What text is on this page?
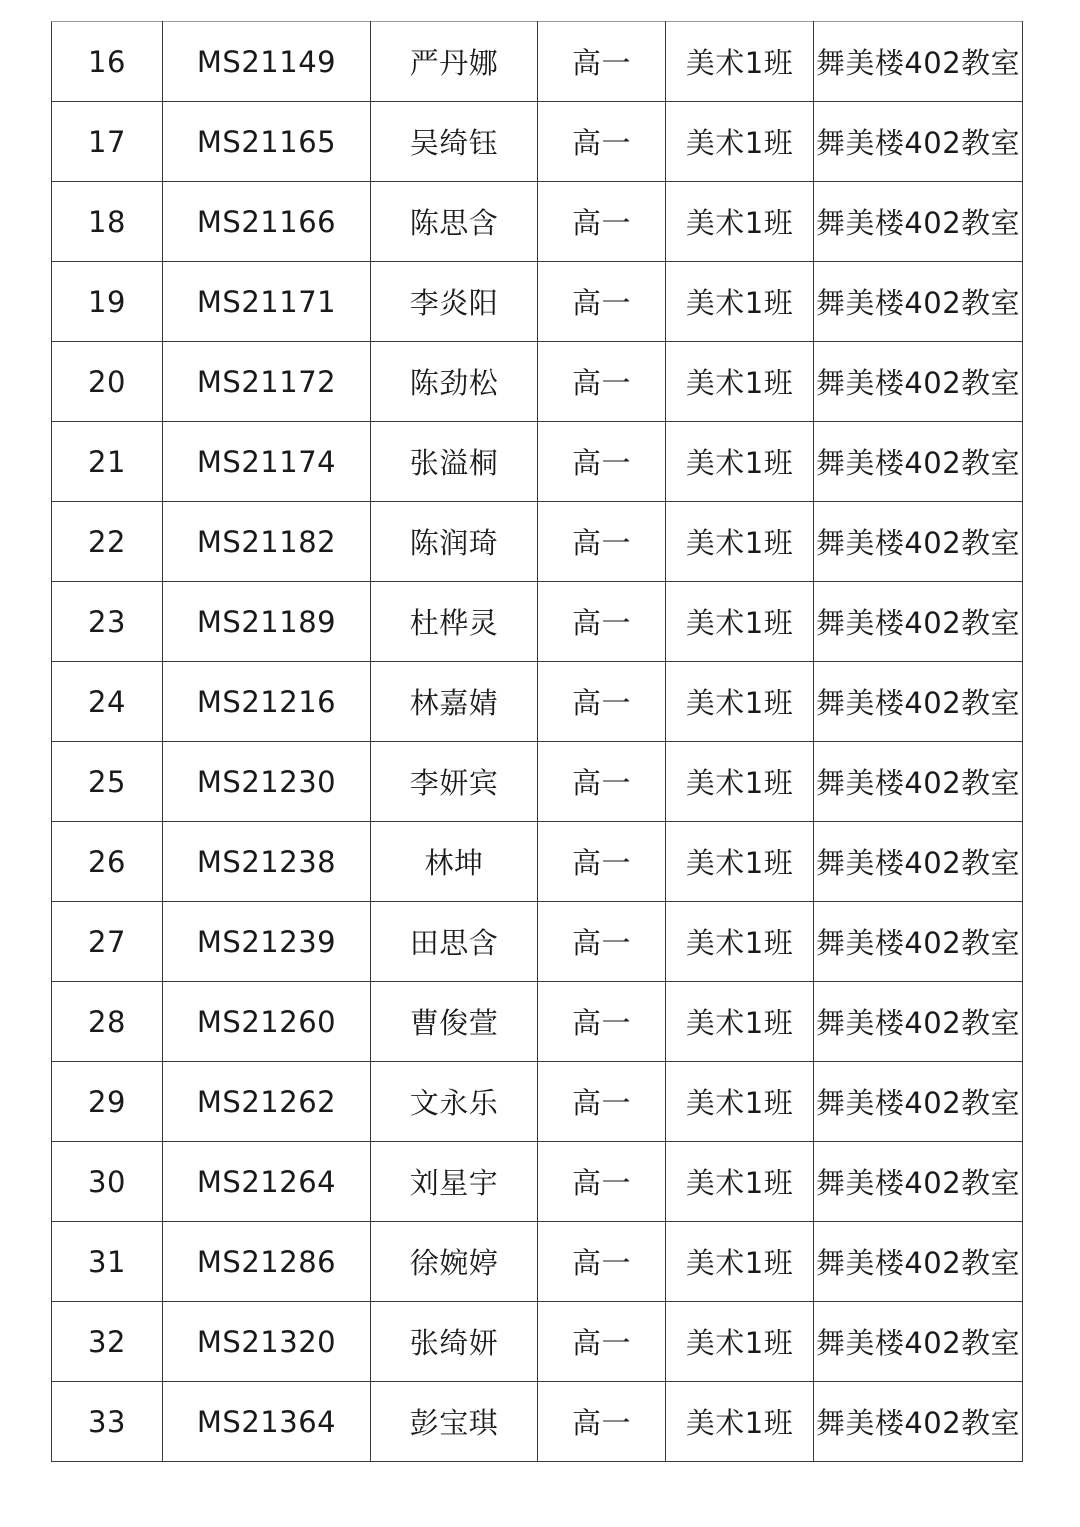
16	MS21149	严丹娜	高一	美术1班	舞美楼402教室
17	MS21165	吴绮钰	高一	美术1班	舞美楼402教室
18	MS21166	陈思含	高一	美术1班	舞美楼402教室
19	MS21171	李炎阳	高一	美术1班	舞美楼402教室
20	MS21172	陈劲松	高一	美术1班	舞美楼402教室
21	MS21174	张溢桐	高一	美术1班	舞美楼402教室
22	MS21182	陈润琦	高一	美术1班	舞美楼402教室
23	MS21189	杜桦灵	高一	美术1班	舞美楼402教室
24	MS21216	林嘉婧	高一	美术1班	舞美楼402教室
25	MS21230	李妍宾	高一	美术1班	舞美楼402教室
26	MS21238	林坤	高一	美术1班	舞美楼402教室
27	MS21239	田思含	高一	美术1班	舞美楼402教室
28	MS21260	曹俊萱	高一	美术1班	舞美楼402教室
29	MS21262	文永乐	高一	美术1班	舞美楼402教室
30	MS21264	刘星宇	高一	美术1班	舞美楼402教室
31	MS21286	徐婉婷	高一	美术1班	舞美楼402教室
32	MS21320	张绮妍	高一	美术1班	舞美楼402教室
33	MS21364	彭宝琪	高一	美术1班	舞美楼402教室
